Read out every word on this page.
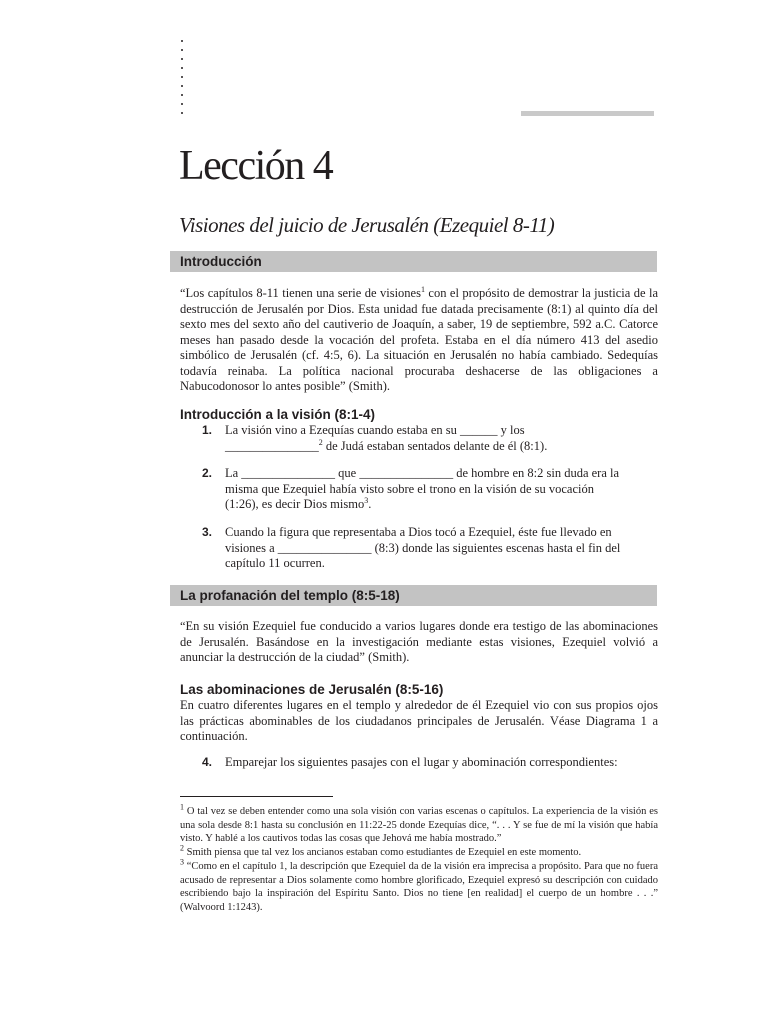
Lección 4
Visiones del juicio de Jerusalén (Ezequiel 8-11)
Introducción

“Los capítulos 8-11 tienen una serie de visiones$^1$ con el propósito de demostrar la justicia de la destrucción de Jerusalén por Dios. Esta unidad fue datada precisamente (8:1) al quinto día del sexto mes del sexto año del cautiverio de Joaquín, a saber, 19 de septiembre, 592 a.C. Catorce meses han pasado desde la vocación del profeta. Estaba en el día número 413 del asedio simbólico de Jerusalén (cf. 4:5, 6). La situación en Jerusalén no había cambiado. Sedequías todavía reinaba. La política nacional procuraba deshacerse de las obligaciones a Nabucodonosor lo antes posible” (Smith).

Introducción a la visión (8:1-4)
1. La visión vino a Ezequías cuando estaba en su ______ y los _______________$^2$ de Judá estaban sentados delante de él (8:1).

2. La _______________ que _______________ de hombre en 8:2 sin duda era la misma que Ezequiel había visto sobre el trono en la visión de su vocación (1:26), es decir Dios mismo$^3$.

3. Cuando la figura que representaba a Dios tocó a Ezequiel, éste fue llevado en visiones a _______________ (8:3) donde las siguientes escenas hasta el fin del capítulo 11 ocurren.

La profanación del templo (8:5-18)

“En su visión Ezequiel fue conducido a varios lugares donde era testigo de las abominaciones de Jerusalén. Basándose en la investigación mediante estas visiones, Ezequiel volvió a anunciar la destrucción de la ciudad” (Smith).

Las abominaciones de Jerusalén (8:5-16)

En cuatro diferentes lugares en el templo y alrededor de él Ezequiel vio con sus propios ojos las prácticas abominables de los ciudadanos principales de Jerusalén. Véase Diagrama 1 a continuación.

4. Emparejar los siguientes pasajes con el lugar y abominación correspondientes:

$^1$ O tal vez se deben entender como una sola visión con varias escenas o capítulos. La experiencia de la visión es una sola desde 8:1 hasta su conclusión en 11:22-25 donde Ezequías dice, “. . . Y se fue de mí la visión que había visto. Y hablé a los cautivos todas las cosas que Jehová me había mostrado.”

$^2$ Smith piensa que tal vez los ancianos estaban como estudiantes de Ezequiel en este momento.

$^3$ “Como en el capítulo 1, la descripción que Ezequiel da de la visión era imprecisa a propósito. Para que no fuera acusado de representar a Dios solamente como hombre glorificado, Ezequiel expresó su descripción con cuidado escribiendo bajo la inspiración del Espíritu Santo. Dios no tiene [en realidad] el cuerpo de un hombre . . .” (Walvoord 1:1243).
